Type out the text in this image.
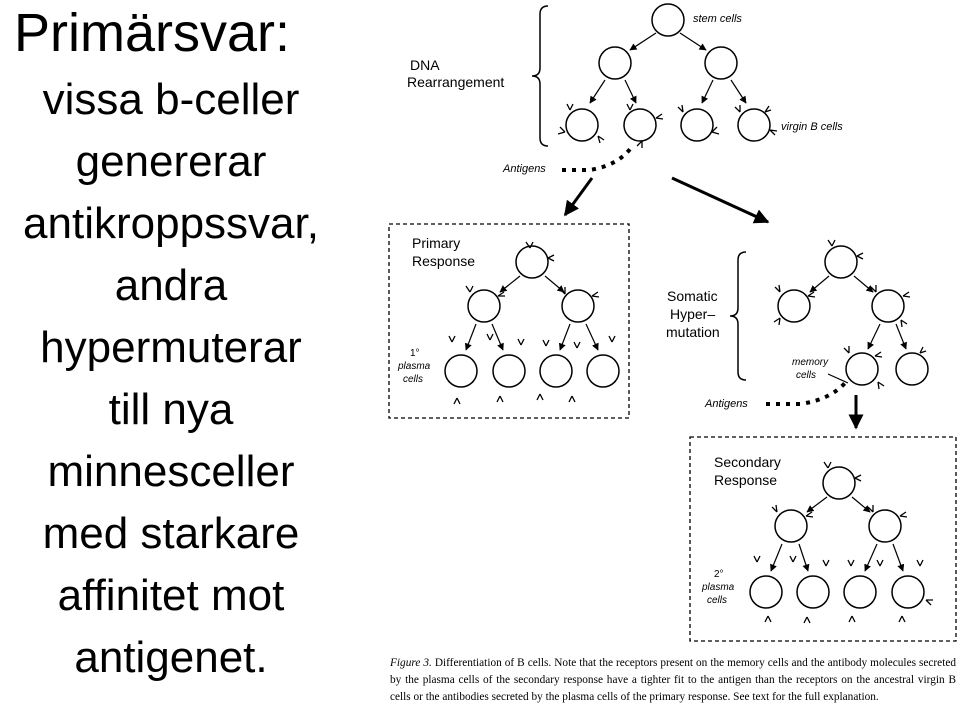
Primärsvar:
vissa b-celler
genererar
antikroppssvar,
andra
hypermuterar
till nya
minnesceller
med starkare
affinitet mot
antigenet.
DNA
Rearrangement
stem cells
virgin B cells
Antigens
Primary
Response
1°
plasma
cells
Somatic
Hyper–
mutation
memory
cells
Antigens
Secondary
Response
2°
plasma
cells
Figure 3. Differentiation of B cells. Note that the receptors present on the memory cells and the antibody molecules secreted by the plasma cells of the secondary response have a tighter fit to the antigen than the receptors on the ancestral virgin B cells or the antibodies secreted by the plasma cells of the primary response. See text for the full explanation.
